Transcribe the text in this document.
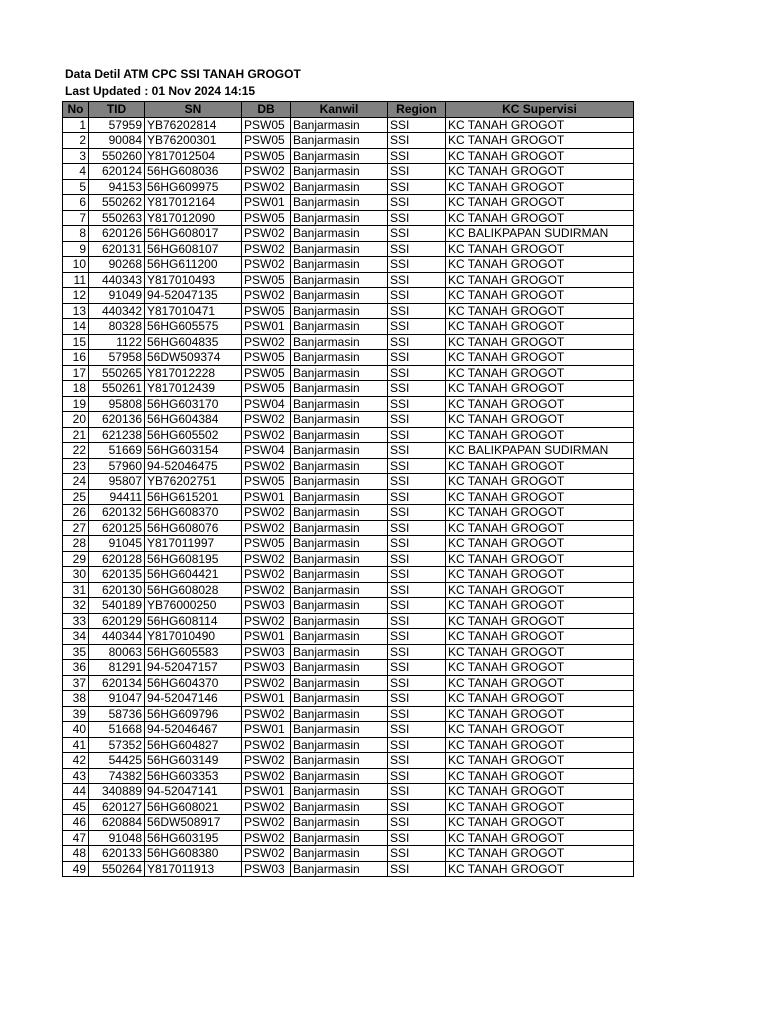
Data Detil ATM CPC SSI TANAH GROGOT
Last Updated : 01 Nov 2024 14:15
No	TID	SN	DB	Kanwil	Region	KC Supervisi
1	57959	YB76202814	PSW05	Banjarmasin	SSI	KC TANAH GROGOT
2	90084	YB76200301	PSW05	Banjarmasin	SSI	KC TANAH GROGOT
3	550260	Y817012504	PSW05	Banjarmasin	SSI	KC TANAH GROGOT
4	620124	56HG608036	PSW02	Banjarmasin	SSI	KC TANAH GROGOT
5	94153	56HG609975	PSW02	Banjarmasin	SSI	KC TANAH GROGOT
6	550262	Y817012164	PSW01	Banjarmasin	SSI	KC TANAH GROGOT
7	550263	Y817012090	PSW05	Banjarmasin	SSI	KC TANAH GROGOT
8	620126	56HG608017	PSW02	Banjarmasin	SSI	KC BALIKPAPAN SUDIRMAN
9	620131	56HG608107	PSW02	Banjarmasin	SSI	KC TANAH GROGOT
10	90268	56HG611200	PSW02	Banjarmasin	SSI	KC TANAH GROGOT
11	440343	Y817010493	PSW05	Banjarmasin	SSI	KC TANAH GROGOT
12	91049	94-52047135	PSW02	Banjarmasin	SSI	KC TANAH GROGOT
13	440342	Y817010471	PSW05	Banjarmasin	SSI	KC TANAH GROGOT
14	80328	56HG605575	PSW01	Banjarmasin	SSI	KC TANAH GROGOT
15	1122	56HG604835	PSW02	Banjarmasin	SSI	KC TANAH GROGOT
16	57958	56DW509374	PSW05	Banjarmasin	SSI	KC TANAH GROGOT
17	550265	Y817012228	PSW05	Banjarmasin	SSI	KC TANAH GROGOT
18	550261	Y817012439	PSW05	Banjarmasin	SSI	KC TANAH GROGOT
19	95808	56HG603170	PSW04	Banjarmasin	SSI	KC TANAH GROGOT
20	620136	56HG604384	PSW02	Banjarmasin	SSI	KC TANAH GROGOT
21	621238	56HG605502	PSW02	Banjarmasin	SSI	KC TANAH GROGOT
22	51669	56HG603154	PSW04	Banjarmasin	SSI	KC BALIKPAPAN SUDIRMAN
23	57960	94-52046475	PSW02	Banjarmasin	SSI	KC TANAH GROGOT
24	95807	YB76202751	PSW05	Banjarmasin	SSI	KC TANAH GROGOT
25	94411	56HG615201	PSW01	Banjarmasin	SSI	KC TANAH GROGOT
26	620132	56HG608370	PSW02	Banjarmasin	SSI	KC TANAH GROGOT
27	620125	56HG608076	PSW02	Banjarmasin	SSI	KC TANAH GROGOT
28	91045	Y817011997	PSW05	Banjarmasin	SSI	KC TANAH GROGOT
29	620128	56HG608195	PSW02	Banjarmasin	SSI	KC TANAH GROGOT
30	620135	56HG604421	PSW02	Banjarmasin	SSI	KC TANAH GROGOT
31	620130	56HG608028	PSW02	Banjarmasin	SSI	KC TANAH GROGOT
32	540189	YB76000250	PSW03	Banjarmasin	SSI	KC TANAH GROGOT
33	620129	56HG608114	PSW02	Banjarmasin	SSI	KC TANAH GROGOT
34	440344	Y817010490	PSW01	Banjarmasin	SSI	KC TANAH GROGOT
35	80063	56HG605583	PSW03	Banjarmasin	SSI	KC TANAH GROGOT
36	81291	94-52047157	PSW03	Banjarmasin	SSI	KC TANAH GROGOT
37	620134	56HG604370	PSW02	Banjarmasin	SSI	KC TANAH GROGOT
38	91047	94-52047146	PSW01	Banjarmasin	SSI	KC TANAH GROGOT
39	58736	56HG609796	PSW02	Banjarmasin	SSI	KC TANAH GROGOT
40	51668	94-52046467	PSW01	Banjarmasin	SSI	KC TANAH GROGOT
41	57352	56HG604827	PSW02	Banjarmasin	SSI	KC TANAH GROGOT
42	54425	56HG603149	PSW02	Banjarmasin	SSI	KC TANAH GROGOT
43	74382	56HG603353	PSW02	Banjarmasin	SSI	KC TANAH GROGOT
44	340889	94-52047141	PSW01	Banjarmasin	SSI	KC TANAH GROGOT
45	620127	56HG608021	PSW02	Banjarmasin	SSI	KC TANAH GROGOT
46	620884	56DW508917	PSW02	Banjarmasin	SSI	KC TANAH GROGOT
47	91048	56HG603195	PSW02	Banjarmasin	SSI	KC TANAH GROGOT
48	620133	56HG608380	PSW02	Banjarmasin	SSI	KC TANAH GROGOT
49	550264	Y817011913	PSW03	Banjarmasin	SSI	KC TANAH GROGOT
